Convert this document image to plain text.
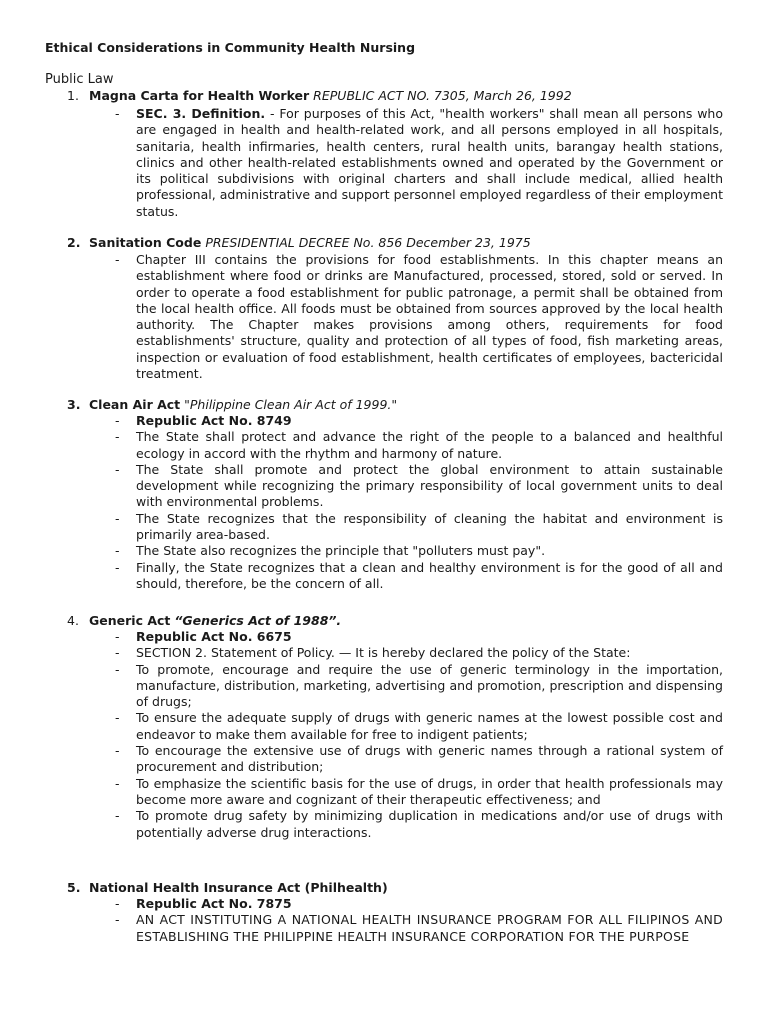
Ethical Considerations in Community Health Nursing
Public Law
1. Magna Carta for Health Worker REPUBLIC ACT NO. 7305, March 26, 1992
- SEC. 3. Definition. - For purposes of this Act, "health workers" shall mean all persons who are engaged in health and health-related work, and all persons employed in all hospitals, sanitaria, health infirmaries, health centers, rural health units, barangay health stations, clinics and other health-related establishments owned and operated by the Government or its political subdivisions with original charters and shall include medical, allied health professional, administrative and support personnel employed regardless of their employment status.
2. Sanitation Code PRESIDENTIAL DECREE No. 856 December 23, 1975
- Chapter III contains the provisions for food establishments. In this chapter means an establishment where food or drinks are Manufactured, processed, stored, sold or served. In order to operate a food establishment for public patronage, a permit shall be obtained from the local health office. All foods must be obtained from sources approved by the local health authority. The Chapter makes provisions among others, requirements for food establishments' structure, quality and protection of all types of food, fish marketing areas, inspection or evaluation of food establishment, health certificates of employees, bactericidal treatment.
3. Clean Air Act "Philippine Clean Air Act of 1999."
- Republic Act No. 8749
- The State shall protect and advance the right of the people to a balanced and healthful ecology in accord with the rhythm and harmony of nature.
- The State shall promote and protect the global environment to attain sustainable development while recognizing the primary responsibility of local government units to deal with environmental problems.
- The State recognizes that the responsibility of cleaning the habitat and environment is primarily area-based.
- The State also recognizes the principle that "polluters must pay".
- Finally, the State recognizes that a clean and healthy environment is for the good of all and should, therefore, be the concern of all.
4. Generic Act “Generics Act of 1988”.
- Republic Act No. 6675
- SECTION 2. Statement of Policy. — It is hereby declared the policy of the State:
- To promote, encourage and require the use of generic terminology in the importation, manufacture, distribution, marketing, advertising and promotion, prescription and dispensing of drugs;
- To ensure the adequate supply of drugs with generic names at the lowest possible cost and endeavor to make them available for free to indigent patients;
- To encourage the extensive use of drugs with generic names through a rational system of procurement and distribution;
- To emphasize the scientific basis for the use of drugs, in order that health professionals may become more aware and cognizant of their therapeutic effectiveness; and
- To promote drug safety by minimizing duplication in medications and/or use of drugs with potentially adverse drug interactions.
5. National Health Insurance Act (Philhealth)
- Republic Act No. 7875
- AN ACT INSTITUTING A NATIONAL HEALTH INSURANCE PROGRAM FOR ALL FILIPINOS AND ESTABLISHING THE PHILIPPINE HEALTH INSURANCE CORPORATION FOR THE PURPOSE
